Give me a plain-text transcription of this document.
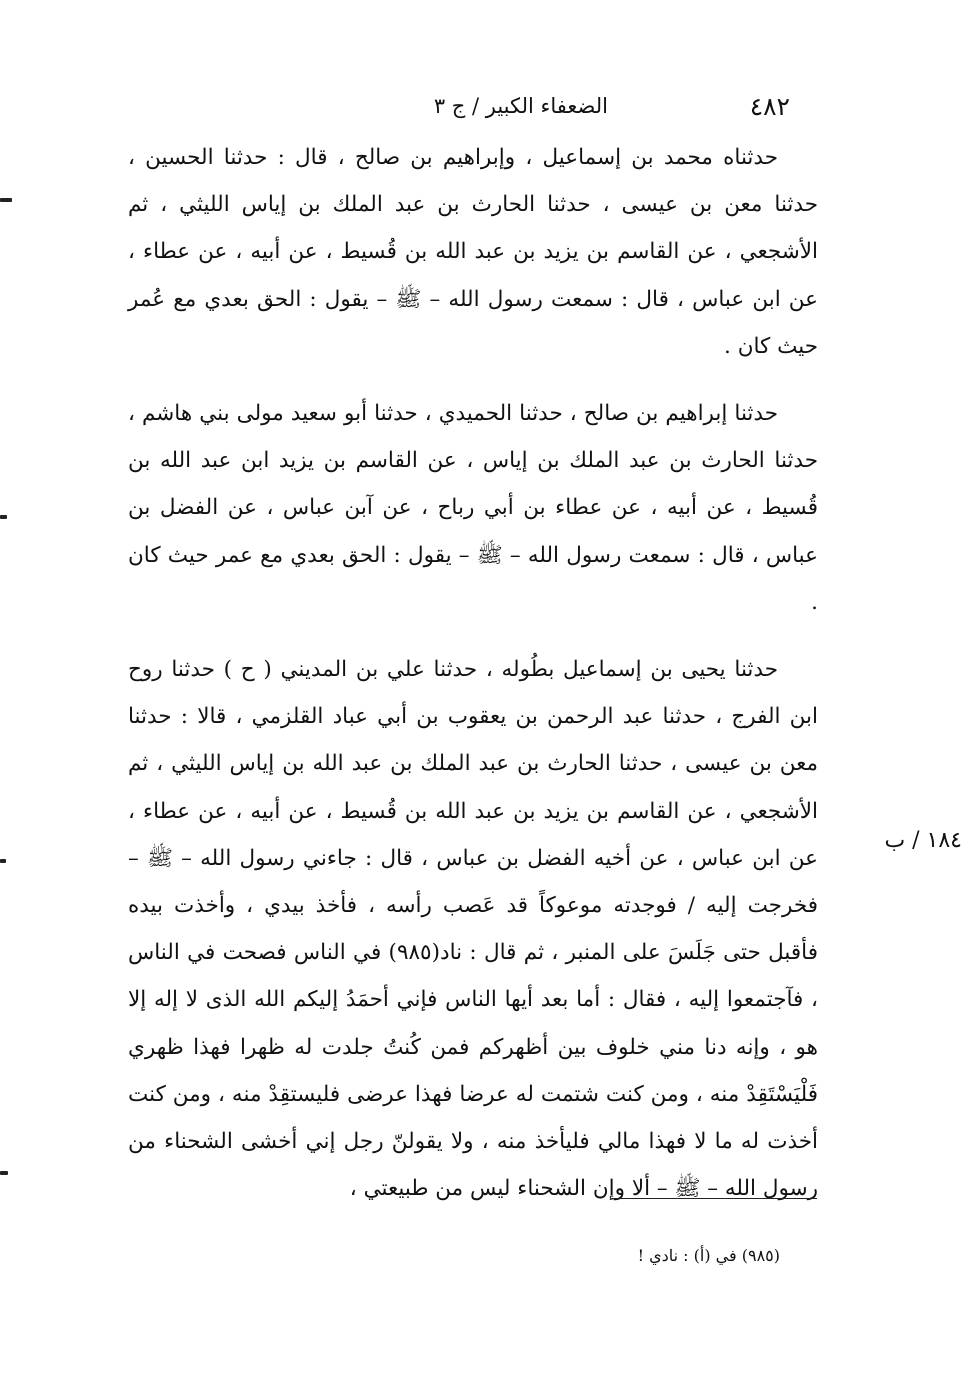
٤٨٢
الضعفاء الكبير / ج ٣

حدثناه محمد بن إسماعيل ، وإبراهيم بن صالح ، قال : حدثنا الحسين ، حدثنا معن بن عيسى ، حدثنا الحارث بن عبد الملك بن إياس الليثي ، ثم الأشجعي ، عن القاسم بن يزيد بن عبد الله بن قُسيط ، عن أبيه ، عن عطاء ، عن ابن عباس ، قال : سمعت رسول الله – ﷺ – يقول : الحق بعدي مع عُمر حيث كان .

حدثنا إبراهيم بن صالح ، حدثنا الحميدي ، حدثنا أبو سعيد مولى بني هاشم ، حدثنا الحارث بن عبد الملك بن إياس ، عن القاسم بن يزيد ابن عبد الله بن قُسيط ، عن أبيه ، عن عطاء بن أبي رباح ، عن آبن عباس ، عن الفضل بن عباس ، قال : سمعت رسول الله – ﷺ – يقول : الحق بعدي مع عمر حيث كان .

حدثنا يحيى بن إسماعيل بطُوله ، حدثنا علي بن المديني ( ح ) حدثنا روح ابن الفرج ، حدثنا عبد الرحمن بن يعقوب بن أبي عباد القلزمي ، قالا : حدثنا معن بن عيسى ، حدثنا الحارث بن عبد الملك بن عبد الله بن إياس الليثي ، ثم الأشجعي ، عن القاسم بن يزيد بن عبد الله بن قُسيط ، عن أبيه ، عن عطاء ، عن ابن عباس ، عن أخيه الفضل بن عباس ، قال : جاءني رسول الله – ﷺ – فخرجت إليه / فوجدته موعوكاً قد عَصب رأسه ، فأخذ بيدي ، وأخذت بيده فأقبل حتى جَلَسَ على المنبر ، ثم قال : ناد(٩٨٥) في الناس فصحت في الناس ، فآجتمعوا إليه ، فقال : أما بعد أيها الناس فإني أحمَدُ إليكم الله الذى لا إله إلا هو ، وإنه دنا مني خلوف بين أظهركم فمن كُنتُ جلدت له ظهرا فهذا ظهري فَلْيَسْتَقِدْ منه ، ومن كنت شتمت له عرضا فهذا عرضى فليستقِدْ منه ، ومن كنت أخذت له ما لا فهذا مالي فليأخذ منه ، ولا يقولنّ رجل إني أخشى الشحناء من رسول الله – ﷺ – ألا وإن الشحناء ليس من طبيعتي ،

١٨٤ / ب
(٩٨٥) في (أ) : نادي !
